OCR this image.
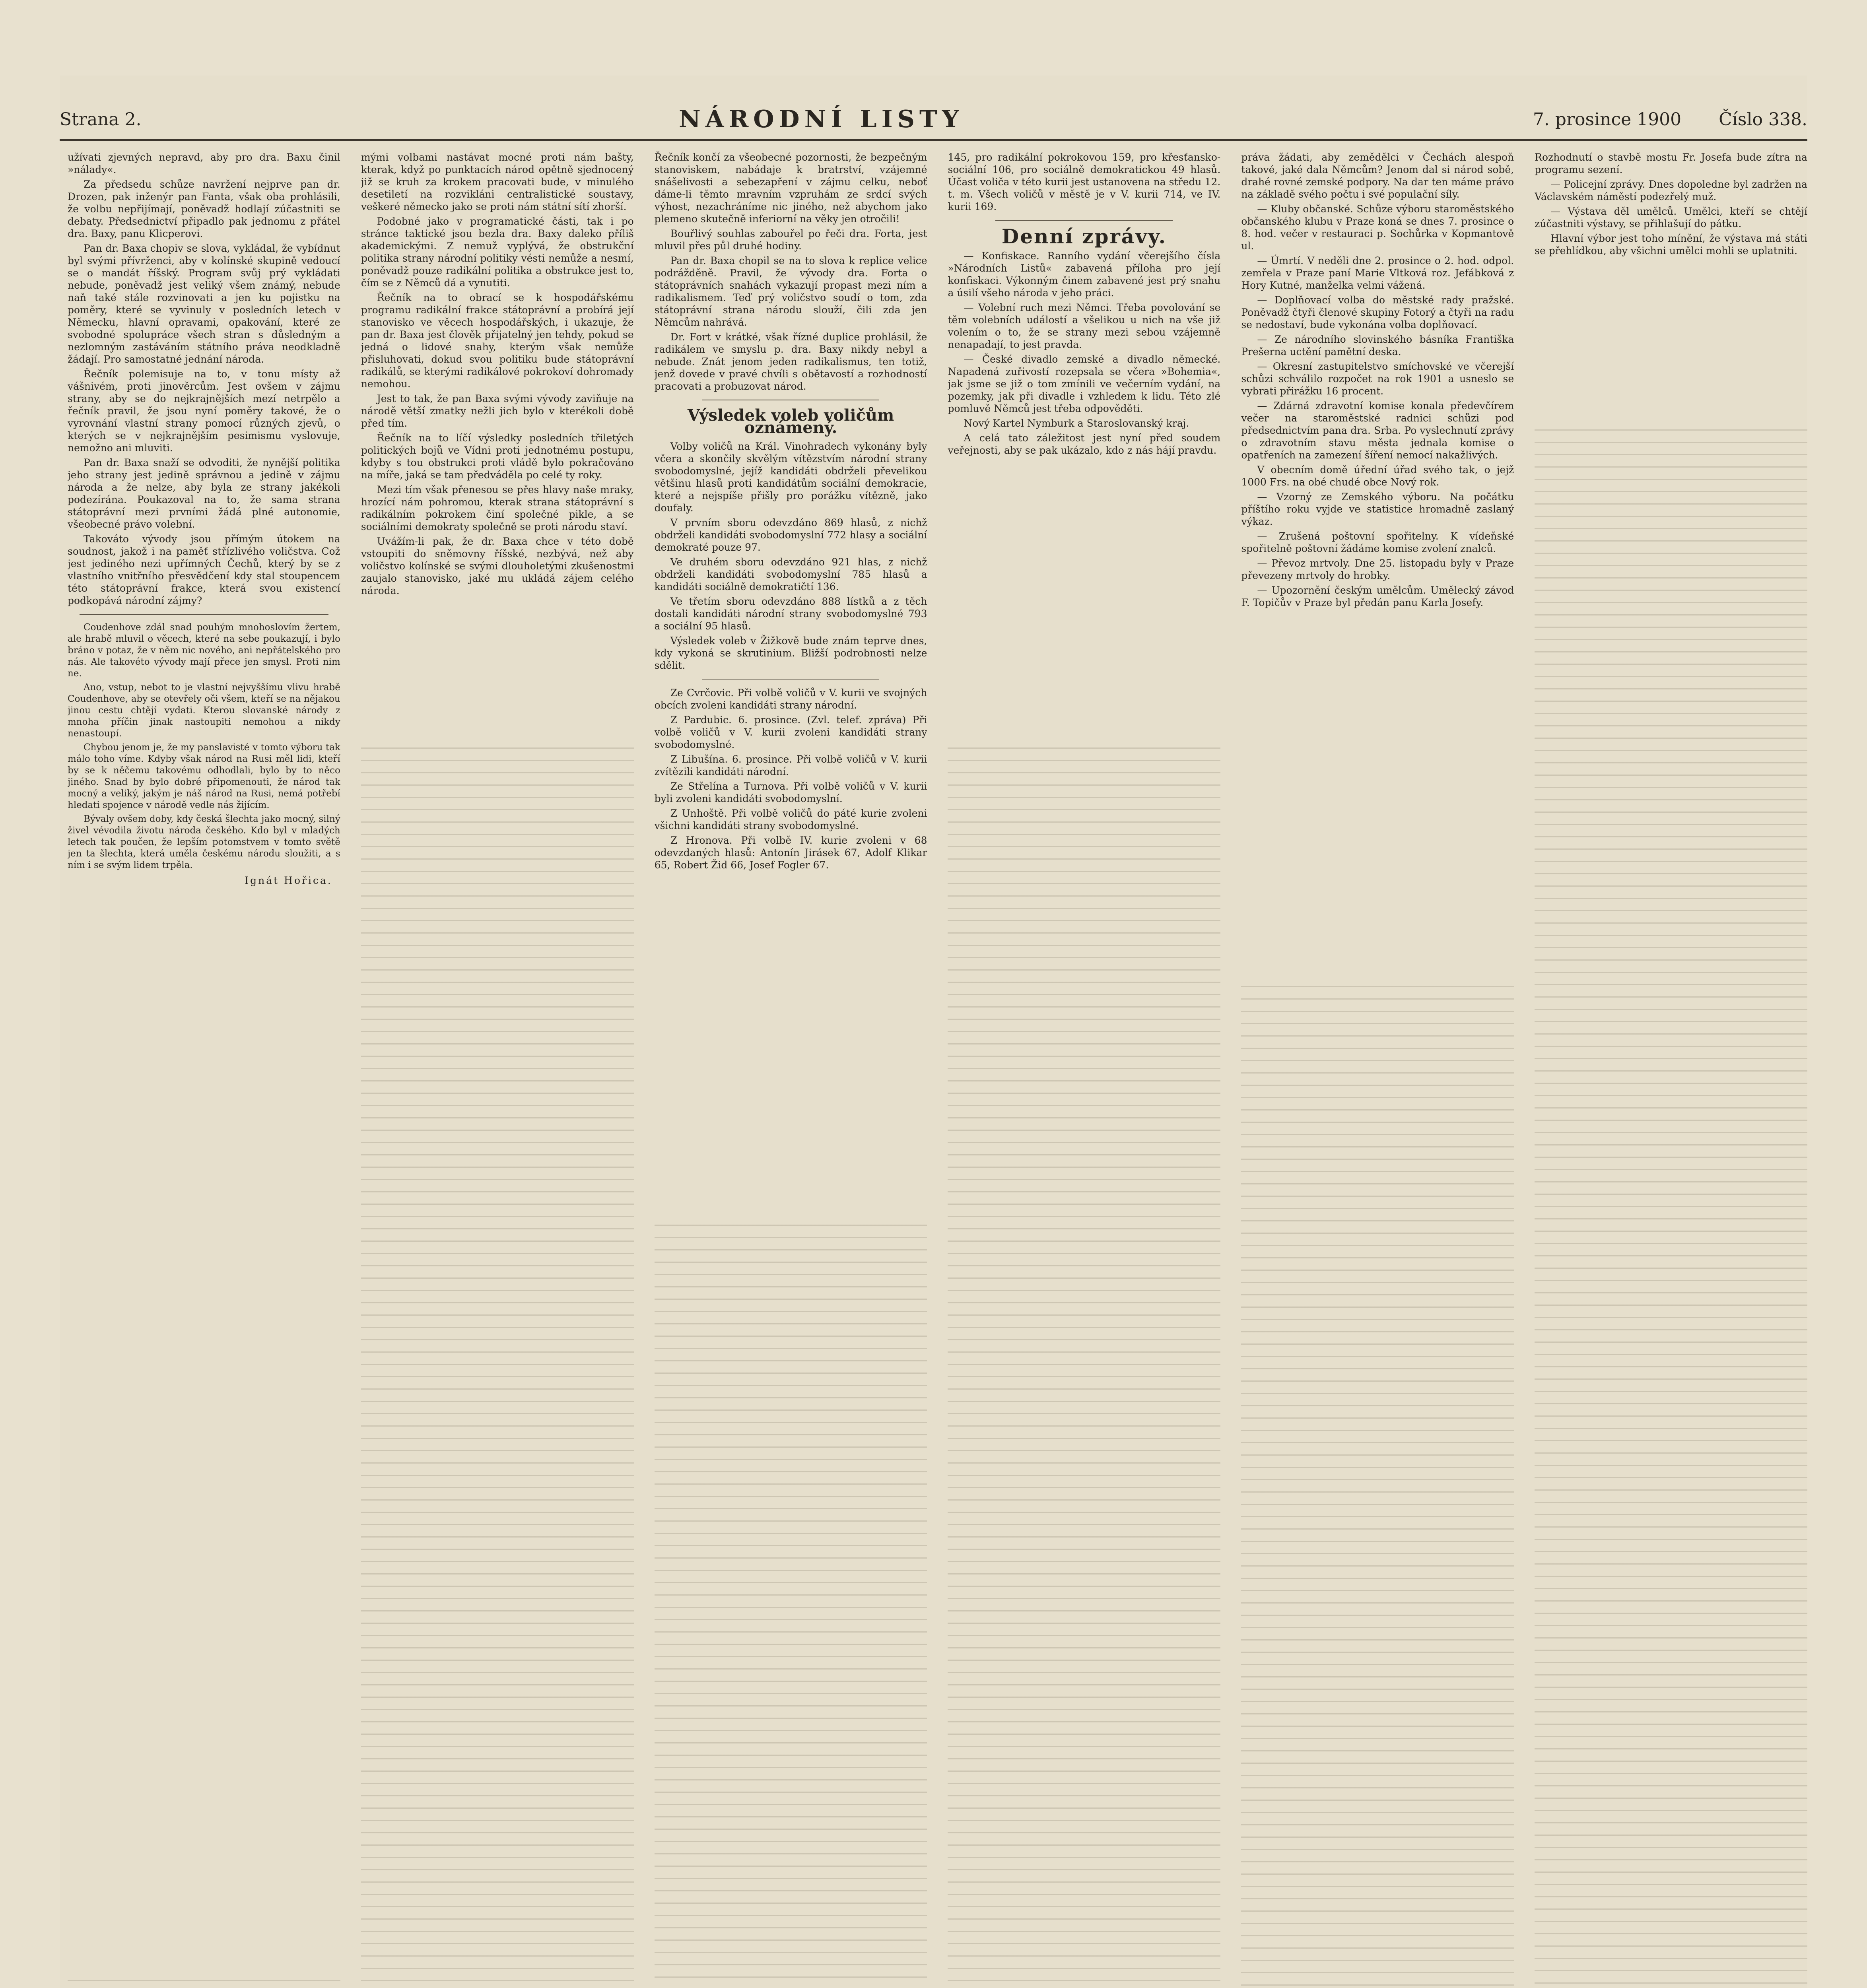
Strana 2.	NÁRODNÍ LISTY	7. prosince 1900 Číslo 338.

užívati zjevných nepravd, aby pro dra. Baxu činil »nálady«.

Za předsedu schůze navržení nejprve pan dr. Drozen, pak inženýr pan Fanta, však oba prohlásili, že volbu nepřijímají, poněvadž hodlají zúčastniti se debaty. Předsednictví připadlo pak jednomu z přátel dra. Baxy, panu Klicperovi.

Pan dr. Baxa chopiv se slova, vykládal, že vybídnut byl svými přívrženci, aby v kolínské skupině vedoucí se o mandát říšský. Program svůj prý vykládati nebude, poněvadž jest veliký všem známý, nebude naň také stále rozvinovati a jen ku pojistku na poměry, které se vyvinuly v posledních letech v Německu, hlavní opravami, opakování, které ze svobodné spolupráce všech stran s důsledným a nezlomným zastáváním státního práva neodkladně žádají. Pro samostatné jednání národa.

Řečník polemisuje na to, v tonu místy až vášnivém, proti jinověrcům. Jest ovšem v zájmu strany, aby se do nejkrajnějších mezí netrpělo a řečník pravil, že jsou nyní poměry takové, že o vyrovnání vlastní strany pomocí různých zjevů, o kterých se v nejkrajnějším pesimismu vyslovuje, nemožno ani mluviti.

Pan dr. Baxa snaží se odvoditi, že nynější politika jeho strany jest jedině správnou a jedině v zájmu národa a že nelze, aby byla ze strany jakékoli podezírána. Poukazoval na to, že sama strana státoprávní mezi prvními žádá plné autonomie, všeobecné právo volební.

Takováto vývody jsou přímým útokem na soudnost, jakož i na paměť střízlivého voličstva. Což jest jediného nezi upřímných Čechů, který by se z vlastního vnitřního přesvědčení kdy stal stoupencem této státoprávní frakce, která svou existencí podkopává národní zájmy?

Coudenhove zdál snad pouhým mnohoslovím žertem, ale hrabě mluvil o věcech, které na sebe poukazují, i bylo bráno v potaz, že v něm nic nového, ani nepřátelského pro nás. Ale takovéto vývody mají přece jen smysl. Proti nim ne.

Ano, vstup, nebot to je vlastní nejvyššímu vlivu hrabě Coudenhove, aby se otevřely oči všem, kteří se na nějakou jinou cestu chtějí vydati. Kterou slovanské národy z mnoha příčin jinak nastoupiti nemohou a nikdy nenastoupí.

Chybou jenom je, že my panslavisté v tomto výboru tak málo toho víme. Kdyby však národ na Rusi měl lidi, kteří by se k něčemu takovému odhodlali, bylo by to něco jiného. Snad by bylo dobré připomenouti, že národ tak mocný a veliký, jakým je náš národ na Rusi, nemá potřebí hledati spojence v národě vedle nás žijícím.

Bývaly ovšem doby, kdy česká šlechta jako mocný, silný živel vévodila životu národa českého. Kdo byl v mladých letech tak poučen, že lepším potomstvem v tomto světě jen ta šlechta, která uměla českému národu sloužiti, a s ním i se svým lidem trpěla.

Ignát Hořica.

mými volbami nastávat mocné proti nám bašty, kterak, když po punktacích národ opětně sjednocený již se kruh za krokem pracovati bude, v minulého desetiletí na rozvikláni centralistické soustavy, veškeré německo jako se proti nám státní sítí zhorší.

Podobné jako v programatické části, tak i po stránce taktické jsou bezla dra. Baxy daleko příliš akademickými. Z nemuž vyplývá, že obstrukční politika strany národní politiky vésti nemůže a nesmí, poněvadž pouze radikální politika a obstrukce jest to, čím se z Němců dá a vynutiti.

Řečník na to obrací se k hospodářskému programu radikální frakce státoprávní a probírá její stanovisko ve věcech hospodářských, i ukazuje, že pan dr. Baxa jest člověk přijatelný jen tehdy, pokud se jedná o lidové snahy, kterým však nemůže přisluhovati, dokud svou politiku bude státoprávní radikálů, se kterými radikálové pokrokoví dohromady nemohou.

Jest to tak, že pan Baxa svými vývody zaviňuje na národě větší zmatky nežli jich bylo v kterékoli době před tím.

Řečník na to líčí výsledky posledních třiletých politických bojů ve Vídni proti jednotnému postupu, kdyby s tou obstrukci proti vládě bylo pokračováno na míře, jaká se tam předváděla po celé ty roky.

Mezi tím však přenesou se přes hlavy naše mraky, hrozící nám pohromou, kterak strana státoprávní s radikálním pokrokem činí společné pikle, a se sociálními demokraty společně se proti národu staví.

Uvážím-li pak, že dr. Baxa chce v této době vstoupiti do sněmovny říšské, nezbývá, než aby voličstvo kolínské se svými dlouholetými zkušenostmi zaujalo stanovisko, jaké mu ukládá zájem celého národa.

Řečník končí za všeobecné pozornosti, že bezpečným stanoviskem, nabádaje k bratrství, vzájemné snášelivosti a sebezapření v zájmu celku, neboť dáme-li těmto mravním vzpruhám ze srdcí svých výhost, nezachráníme nic jiného, než abychom jako plemeno skutečně inferiorní na věky jen otročili!

Bouřlivý souhlas zabouřel po řeči dra. Forta, jest mluvil přes půl druhé hodiny.

Pan dr. Baxa chopil se na to slova k replice velice podrážděně. Pravil, že vývody dra. Forta o státoprávních snahách vykazují propast mezi ním a radikalismem. Teď prý voličstvo soudí o tom, zda státoprávní strana národu slouží, čili zda jen Němcům nahrává.

Dr. Fort v krátké, však řízné duplice prohlásil, že radikálem ve smyslu p. dra. Baxy nikdy nebyl a nebude. Znát jenom jeden radikalismus, ten totiž, jenž dovede v pravé chvíli s obětavostí a rozhodností pracovati a probuzovat národ.

Výsledek voleb voličům oznámený.

Volby voličů na Král. Vinohradech vykonány byly včera a skončily skvělým vítězstvím národní strany svobodomyslné, jejíž kandidáti obdrželi převelikou většinu hlasů proti kandidátům sociální demokracie, které a nejspíše přišly pro porážku vítězně, jako doufaly.

V prvním sboru odevzdáno 869 hlasů, z nichž obdrželi kandidáti svobodomyslní 772 hlasy a sociální demokraté pouze 97.

Ve druhém sboru odevzdáno 921 hlas, z nichž obdrželi kandidáti svobodomyslní 785 hlasů a kandidáti sociálně demokratičtí 136.

Ve třetím sboru odevzdáno 888 lístků a z těch dostali kandidáti národní strany svobodomyslné 793 a sociální 95 hlasů.

Výsledek voleb v Žižkově bude znám teprve dnes, kdy vykoná se skrutinium. Bližší podrobnosti nelze sdělit.

Ze Cvrčovic. Při volbě voličů v V. kurii ve svojných obcích zvoleni kandidáti strany národní.

Z Pardubic. 6. prosince. (Zvl. telef. zpráva) Při volbě voličů v V. kurii zvoleni kandidáti strany svobodomyslné.

Z Libušína. 6. prosince. Při volbě voličů v V. kurii zvítězili kandidáti národní.

Ze Střelína a Turnova. Při volbě voličů v V. kurii byli zvoleni kandidáti svobodomyslní.

Z Unhoště. Při volbě voličů do páté kurie zvoleni všichni kandidáti strany svobodomyslné.

Z Hronova. Při volbě IV. kurie zvoleni v 68 odevzdaných hlasů: Antonín Jirásek 67, Adolf Klikar 65, Robert Žid 66, Josef Fogler 67.

145, pro radikální pokrokovou 159, pro křesťansko-sociální 106, pro sociálně demokratickou 49 hlasů. Účast voliča v této kurii jest ustanovena na středu 12. t. m. Všech voličů v městě je v V. kurii 714, ve IV. kurii 169.

Denní zprávy.

— Konfiskace. Ranního vydání včerejšího čísla »Národních Listů« zabavená příloha pro její konfiskaci. Výkonným činem zabavené jest prý snahu a úsilí všeho národa v jeho práci.

— Volební ruch mezi Němci. Třeba povolování se těm volebních událostí a všelikou u nich na vše již volením o to, že se strany mezi sebou vzájemně nenapadají, to jest pravda.

— České divadlo zemské a divadlo německé. Napadená zuřivostí rozepsala se včera »Bohemia«, jak jsme se již o tom zmínili ve večerním vydání, na pozemky, jak při divadle i vzhledem k lidu. Této zlé pomluvě Němců jest třeba odpověděti.

Nový Kartel Nymburk a Staroslovanský kraj.

A celá tato záležitost jest nyní před soudem veřejnosti, aby se pak ukázalo, kdo z nás hájí pravdu.

práva žádati, aby zemědělci v Čechách alespoň takové, jaké dala Němcům? Jenom dal si národ sobě, drahé rovné zemské podpory. Na dar ten máme právo na základě svého počtu i své populační síly.

— Kluby občanské. Schůze výboru staroměstského občanského klubu v Praze koná se dnes 7. prosince o 8. hod. večer v restauraci p. Sochůrka v Kopmantově ul.

— Úmrtí. V neděli dne 2. prosince o 2. hod. odpol. zemřela v Praze paní Marie Vltková roz. Jefábková z Hory Kutné, manželka velmi vážená.

— Doplňovací volba do městské rady pražské. Poněvadž čtyři členové skupiny Fotorý a čtyři na radu se nedostaví, bude vykonána volba doplňovací.

— Ze národního slovinského básníka Františka Prešerna uctění pamětní deska.

— Okresní zastupitelstvo smíchovské ve včerejší schůzi schválilo rozpočet na rok 1901 a usneslo se vybrati přirážku 16 procent.

— Zdárná zdravotní komise konala předevčírem večer na staroměstské radnici schůzi pod předsednictvím pana dra. Srba. Po vyslechnutí zprávy o zdravotním stavu města jednala komise o opatřeních na zamezení šíření nemocí nakažlivých.

V obecním domě úřední úřad svého tak, o jejž 1000 Frs. na obé chudé obce Nový rok.

— Vzorný ze Zemského výboru. Na počátku příštího roku vyjde ve statistice hromadně zaslaný výkaz.

— Zrušená poštovní spořitelny. K vídeňské spořitelně poštovní žádáme komise zvolení znalců.

— Převoz mrtvoly. Dne 25. listopadu byly v Praze převezeny mrtvoly do hrobky.

— Upozornění českým umělcům. Umělecký závod F. Topičův v Praze byl předán panu Karla Josefy.

Rozhodnutí o stavbě mostu Fr. Josefa bude zítra na programu sezení.

— Policejní zprávy. Dnes dopoledne byl zadržen na Václavském náměstí podezřelý muž.

— Výstava děl umělců. Umělci, kteří se chtějí zúčastniti výstavy, se přihlašují do pátku.

Hlavní výbor jest toho mínění, že výstava má státi se přehlídkou, aby všichni umělci mohli se uplatniti.
